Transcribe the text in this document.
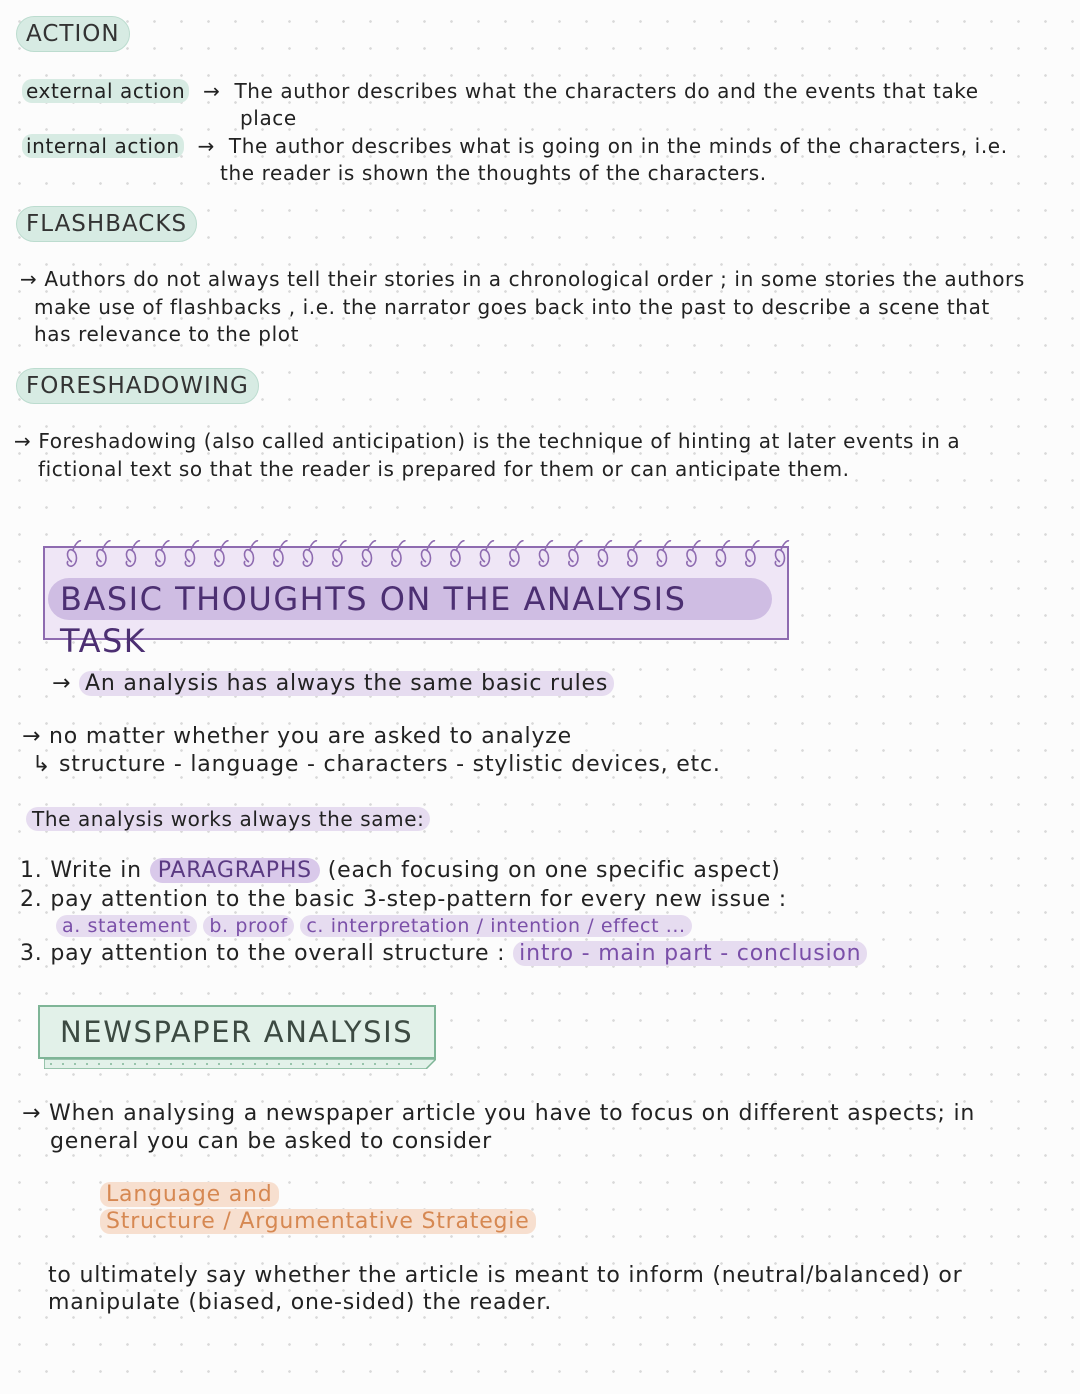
ACTION
external action  →  The author describes what the characters do and the events that take
place
internal action  →  The author describes what is going on in the minds of the characters, i.e.
the reader is shown the thoughts of the characters.
FLASHBACKS
→ Authors do not always tell their stories in a chronological order ; in some stories the authors
make use of flashbacks , i.e. the narrator goes back into the past to describe a scene that
has relevance to the plot
FORESHADOWING
→ Foreshadowing (also called anticipation) is the technique of hinting at later events in a
fictional text so that the reader is prepared for them or can anticipate them.
BASIC THOUGHTS ON THE ANALYSIS TASK
→ An analysis has always the same basic rules
→ no matter whether you are asked to analyze
↳ structure - language - characters - stylistic devices, etc.
The analysis works always the same:
1. Write in PARAGRAPHS (each focusing on one specific aspect)
2. pay attention to the basic 3-step-pattern for every new issue :
a. statement b. proof c. interpretation / intention / effect ...
3. pay attention to the overall structure : intro - main part - conclusion
NEWSPAPER ANALYSIS
→ When analysing a newspaper article you have to focus on different aspects; in
general you can be asked to consider
Language and
Structure / Argumentative Strategie
to ultimately say whether the article is meant to inform (neutral/balanced) or
manipulate (biased, one-sided) the reader.
